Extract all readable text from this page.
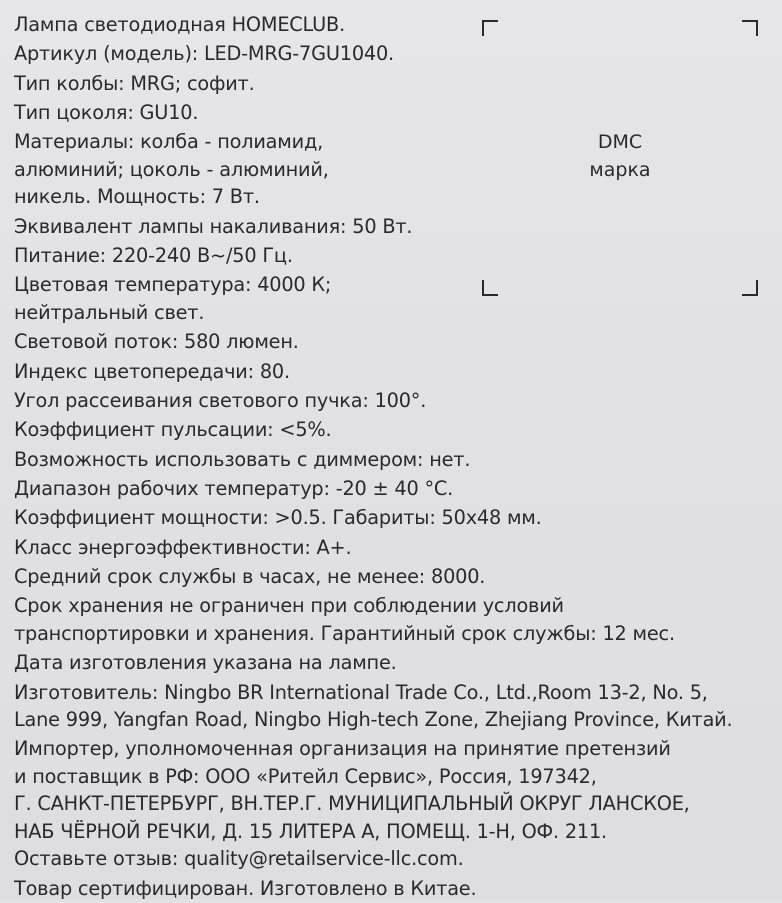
Лампа светодиодная HOMECLUB.
Артикул (модель): LED-MRG-7GU1040.
Тип колбы: MRG; софит.
Тип цоколя: GU10.
Материалы: колба - полиамид,
алюминий; цоколь - алюминий,
никель. Мощность: 7 Вт.
Эквивалент лампы накаливания: 50 Вт.
Питание: 220-240 В~/50 Гц.
Цветовая температура: 4000 К;
нейтральный свет.
Световой поток: 580 люмен.
Индекс цветопередачи: 80.
Угол рассеивания светового пучка: 100°.
Коэффициент пульсации: <5%.
Возможность использовать с диммером: нет.
Диапазон рабочих температур: -20 ± 40 °С.
Коэффициент мощности: >0.5. Габариты: 50х48 мм.
Класс энергоэффективности: А+.
Средний срок службы в часах, не менее: 8000.
Срок хранения не ограничен при соблюдении условий
транспортировки и хранения. Гарантийный срок службы: 12 мес.
Дата изготовления указана на лампе.
Изготовитель: Ningbo BR International Trade Co., Ltd.,Room 13-2, No. 5,
Lane 999, Yangfan Road, Ningbo High-tech Zone, Zhejiang Province, Китай.
Импортер, уполномоченная организация на принятие претензий
и поставщик в РФ: ООО «Ритейл Сервис», Россия, 197342,
Г. САНКТ-ПЕТЕРБУРГ, ВН.ТЕР.Г. МУНИЦИПАЛЬНЫЙ ОКРУГ ЛАНСКОЕ,
НАБ ЧЁРНОЙ РЕЧКИ, Д. 15 ЛИТЕРА А, ПОМЕЩ. 1-Н, ОФ. 211.
Оставьте отзыв: quality@retailservice-llc.com.
Товар сертифицирован. Изготовлено в Китае.
DMC
марка
